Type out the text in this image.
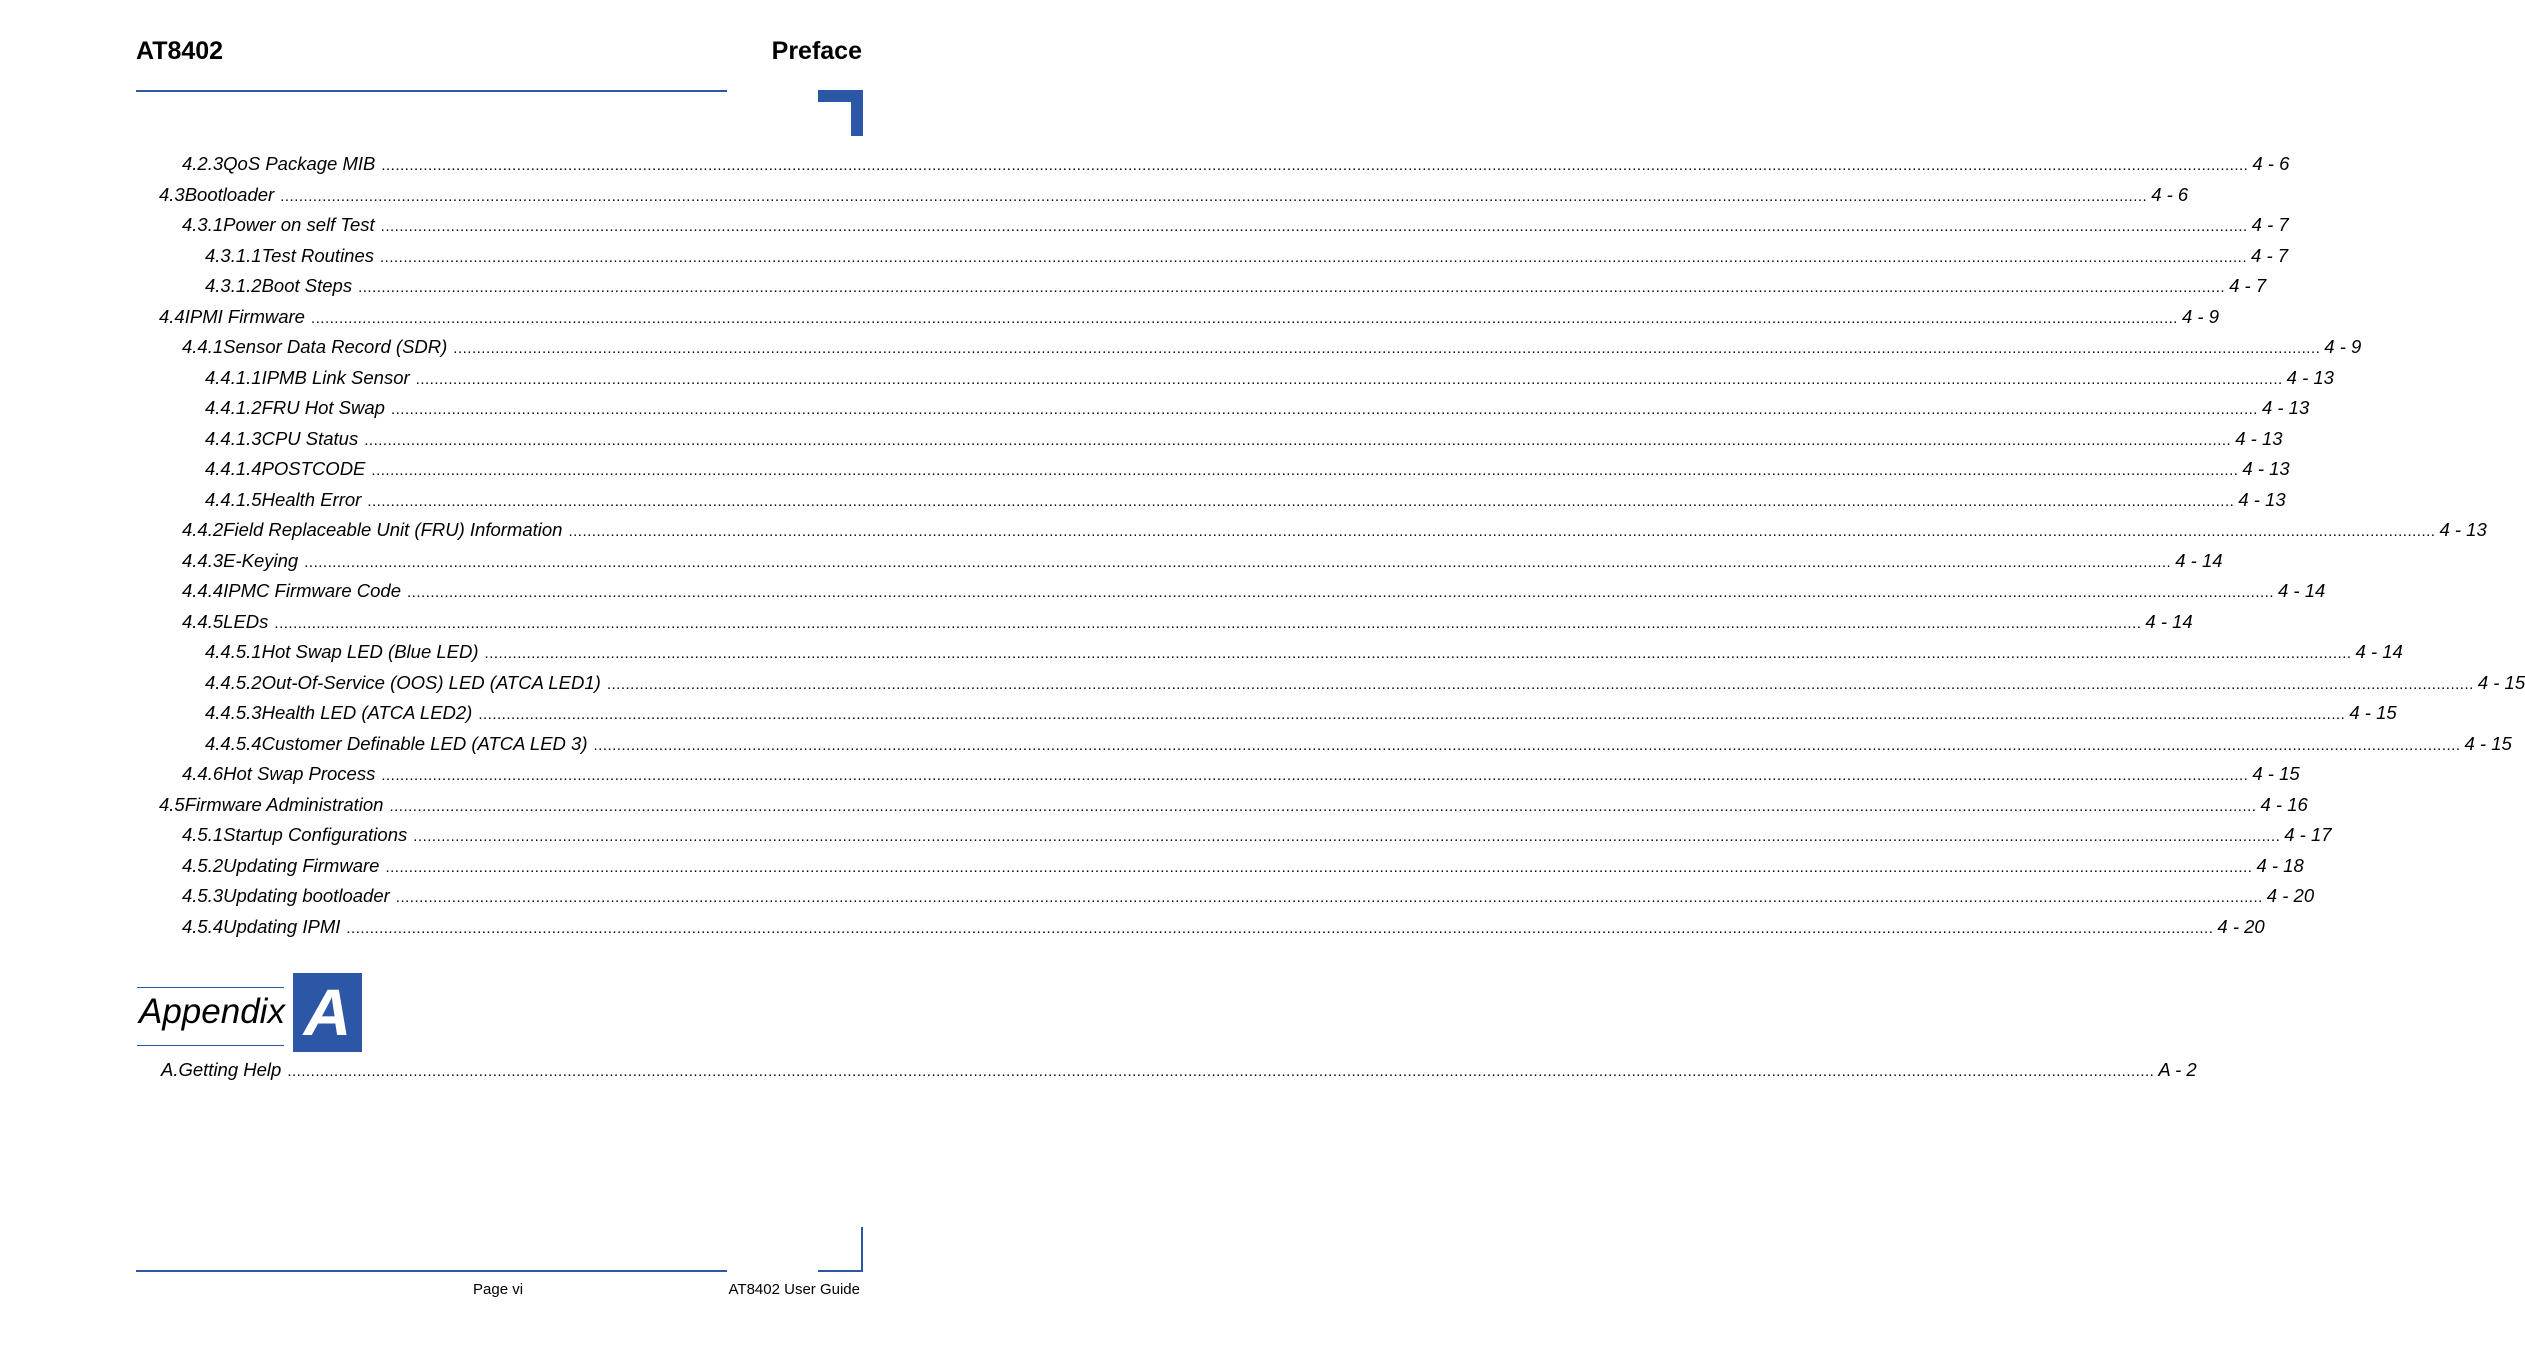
AT8402	Preface
4.2.3 QoS Package MIB ................................................................................................................................................................................................................................................................................................................................................................................................................ 4 - 6
4.3 Bootloader ................................................................................................................................................................................................................................................................................................................................................................................................................ 4 - 6
4.3.1 Power on self Test ................................................................................................................................................................................................................................................................................................................................................................................................................ 4 - 7
4.3.1.1 Test Routines ................................................................................................................................................................................................................................................................................................................................................................................................................ 4 - 7
4.3.1.2 Boot Steps ................................................................................................................................................................................................................................................................................................................................................................................................................ 4 - 7
4.4 IPMI Firmware ................................................................................................................................................................................................................................................................................................................................................................................................................ 4 - 9
4.4.1 Sensor Data Record (SDR) ................................................................................................................................................................................................................................................................................................................................................................................................................ 4 - 9
4.4.1.1 IPMB Link Sensor ................................................................................................................................................................................................................................................................................................................................................................................................................ 4 - 13
4.4.1.2 FRU Hot Swap ................................................................................................................................................................................................................................................................................................................................................................................................................ 4 - 13
4.4.1.3 CPU Status ................................................................................................................................................................................................................................................................................................................................................................................................................ 4 - 13
4.4.1.4 POSTCODE ................................................................................................................................................................................................................................................................................................................................................................................................................ 4 - 13
4.4.1.5 Health Error ................................................................................................................................................................................................................................................................................................................................................................................................................ 4 - 13
4.4.2 Field Replaceable Unit (FRU) Information ................................................................................................................................................................................................................................................................................................................................................................................................................ 4 - 13
4.4.3 E-Keying ................................................................................................................................................................................................................................................................................................................................................................................................................ 4 - 14
4.4.4 IPMC Firmware Code ................................................................................................................................................................................................................................................................................................................................................................................................................ 4 - 14
4.4.5 LEDs ................................................................................................................................................................................................................................................................................................................................................................................................................ 4 - 14
4.4.5.1 Hot Swap LED (Blue LED) ................................................................................................................................................................................................................................................................................................................................................................................................................ 4 - 14
4.4.5.2 Out-Of-Service (OOS) LED (ATCA LED1) ................................................................................................................................................................................................................................................................................................................................................................................................................ 4 - 15
4.4.5.3 Health LED (ATCA LED2) ................................................................................................................................................................................................................................................................................................................................................................................................................ 4 - 15
4.4.5.4 Customer Definable LED (ATCA LED 3) ................................................................................................................................................................................................................................................................................................................................................................................................................ 4 - 15
4.4.6 Hot Swap Process ................................................................................................................................................................................................................................................................................................................................................................................................................ 4 - 15
4.5 Firmware Administration ................................................................................................................................................................................................................................................................................................................................................................................................................ 4 - 16
4.5.1 Startup Configurations ................................................................................................................................................................................................................................................................................................................................................................................................................ 4 - 17
4.5.2 Updating Firmware ................................................................................................................................................................................................................................................................................................................................................................................................................ 4 - 18
4.5.3 Updating bootloader ................................................................................................................................................................................................................................................................................................................................................................................................................ 4 - 20
4.5.4 Updating IPMI ................................................................................................................................................................................................................................................................................................................................................................................................................ 4 - 20
Appendix A
A. Getting Help ................................................................................................................................................................................................................................................................................................................................................................................................................ A - 2
Page vi	AT8402 User Guide
